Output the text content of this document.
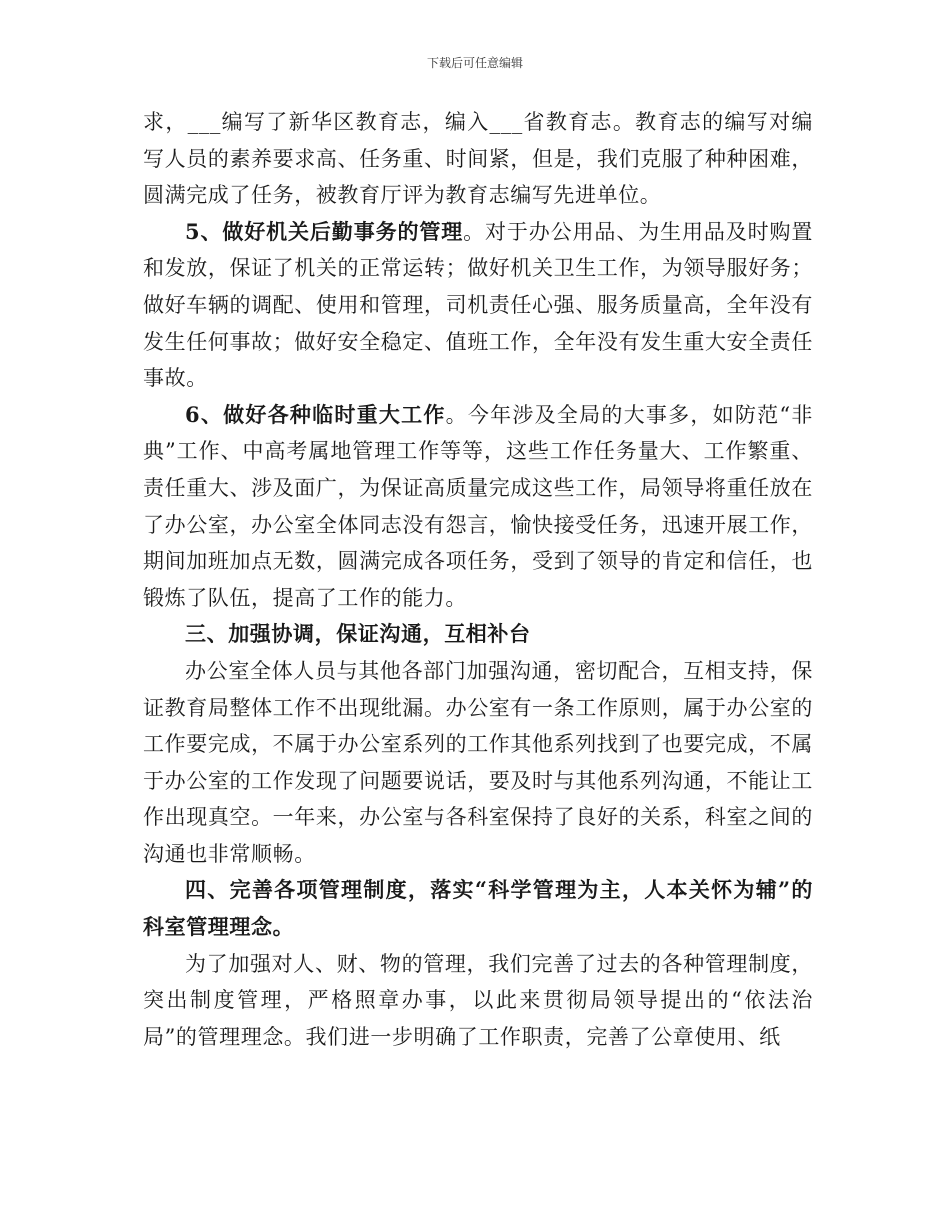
下载后可任意编辑

求，___编写了新华区教育志，编入___省教育志。教育志的编写对编写人员的素养要求高、任务重、时间紧，但是，我们克服了种种困难，圆满完成了任务，被教育厅评为教育志编写先进单位。

5、做好机关后勤事务的管理。对于办公用品、为生用品及时购置和发放，保证了机关的正常运转；做好机关卫生工作，为领导服好务；做好车辆的调配、使用和管理，司机责任心强、服务质量高，全年没有发生任何事故；做好安全稳定、值班工作，全年没有发生重大安全责任事故。

6、做好各种临时重大工作。今年涉及全局的大事多，如防范“非典”工作、中高考属地管理工作等等，这些工作任务量大、工作繁重、责任重大、涉及面广，为保证高质量完成这些工作，局领导将重任放在了办公室，办公室全体同志没有怨言，愉快接受任务，迅速开展工作，期间加班加点无数，圆满完成各项任务，受到了领导的肯定和信任，也锻炼了队伍，提高了工作的能力。

三、加强协调，保证沟通，互相补台

办公室全体人员与其他各部门加强沟通，密切配合，互相支持，保证教育局整体工作不出现纰漏。办公室有一条工作原则，属于办公室的工作要完成，不属于办公室系列的工作其他系列找到了也要完成，不属于办公室的工作发现了问题要说话，要及时与其他系列沟通，不能让工作出现真空。一年来，办公室与各科室保持了良好的关系，科室之间的沟通也非常顺畅。

四、完善各项管理制度，落实“科学管理为主，人本关怀为辅”的科室管理理念。

为了加强对人、财、物的管理，我们完善了过去的各种管理制度，突出制度管理，严格照章办事，以此来贯彻局领导提出的“依法治局”的管理理念。我们进一步明确了工作职责，完善了公章使用、纸
